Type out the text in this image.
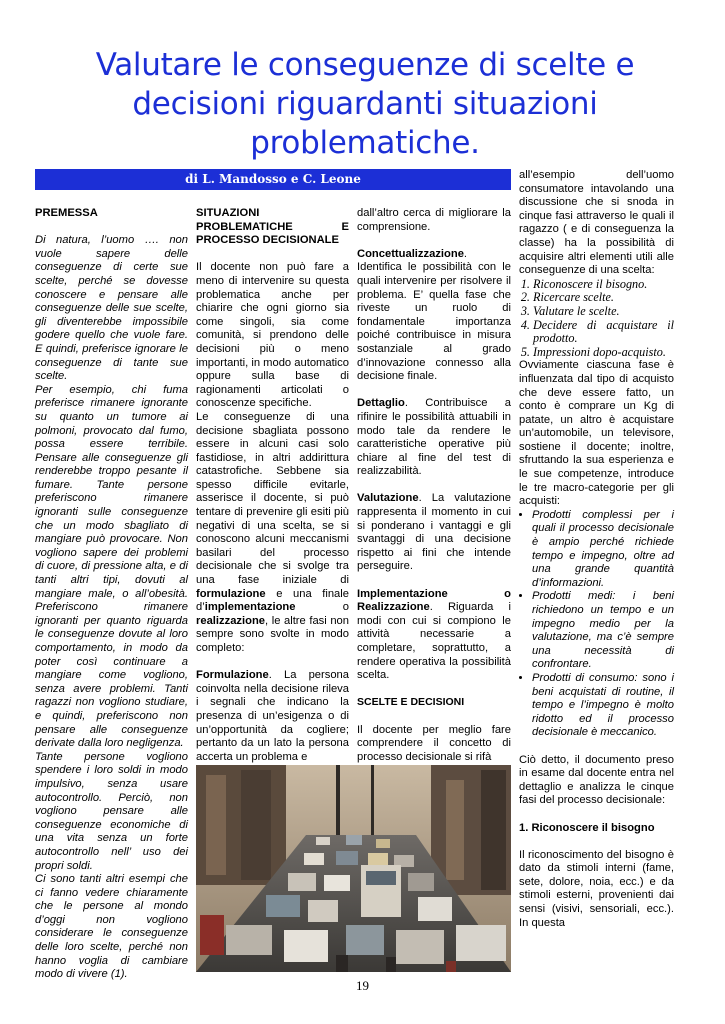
Valutare le conseguenze di scelte e decisioni riguardanti situazioni problematiche.
di L. Mandosso e C. Leone

PREMESSA

Di natura, l’uomo …. non vuole sapere delle conseguenze di certe sue scelte, perché se dovesse conoscere e pensare alle conseguenze delle sue scelte, gli diventerebbe impossibile godere quello che vuole fare. E quindi, preferisce ignorare le conseguenze di tante sue scelte.

Per esempio, chi fuma preferisce rimanere ignorante su quanto un tumore ai polmoni, provocato dal fumo, possa essere terribile. Pensare alle conseguenze gli renderebbe troppo pesante il fumare. Tante persone preferiscono rimanere ignoranti sulle conseguenze che un modo sbagliato di mangiare può provocare. Non vogliono sapere dei problemi di cuore, di pressione alta, e di tanti altri tipi, dovuti al mangiare male, o all’obesità. Preferiscono rimanere ignoranti per quanto riguarda le conseguenze dovute al loro comportamento, in modo da poter così continuare a mangiare come vogliono, senza avere problemi. Tanti ragazzi non vogliono studiare, e quindi, preferiscono non pensare alle conseguenze derivate dalla loro negligenza.

Tante persone vogliono spendere i loro soldi in modo impulsivo, senza usare autocontrollo. Perciò, non vogliono pensare alle conseguenze economiche di una vita senza un forte autocontrollo nell’ uso dei propri soldi.

Ci sono tanti altri esempi che ci fanno vedere chiaramente che le persone al mondo d’oggi non vogliono considerare le conseguenze delle loro scelte, perché non hanno voglia di cambiare modo di vivere (1).

SITUAZIONI PROBLEMATICHE E PROCESSO DECISIONALE

Il docente non può fare a meno di intervenire su questa problematica anche per chiarire che ogni giorno sia come singoli, sia come comunità, si prendono delle decisioni più o meno importanti, in modo automatico oppure sulla base di ragionamenti articolati o conoscenze specifiche.

Le conseguenze di una decisione sbagliata possono essere in alcuni casi solo fastidiose, in altri addirittura catastrofiche. Sebbene sia spesso difficile evitarle, asserisce il docente, si può tentare di prevenire gli esiti più negativi di una scelta, se si conoscono alcuni meccanismi basilari del processo decisionale che si svolge tra una fase iniziale di formulazione e una finale d’implementazione o realizzazione, le altre fasi non sempre sono svolte in modo completo:

Formulazione. La persona coinvolta nella decisione rileva i segnali che indicano la presenza di un’esigenza o di un’opportunità da cogliere; pertanto da un lato la persona accerta un problema e

dall’altro cerca di migliorare la comprensione.

Concettualizzazione. Identifica le possibilità con le quali intervenire per risolvere il problema. E’ quella fase che riveste un ruolo di fondamentale importanza poiché contribuisce in misura sostanziale al grado d’innovazione connesso alla decisione finale.

Dettaglio. Contribuisce a rifinire le possibilità attuabili in modo tale da rendere le caratteristiche operative più chiare al fine del test di realizzabilità.

Valutazione. La valutazione rappresenta il momento in cui si ponderano i vantaggi e gli svantaggi di una decisione rispetto ai fini che intende perseguire.

Implementazione o Realizzazione. Riguarda i modi con cui si compiono le attività necessarie a completare, soprattutto, a rendere operativa la possibilità scelta.

SCELTE E DECISIONI

Il docente per meglio fare comprendere il concetto di processo decisionale si rifà

all’esempio dell’uomo consumatore intavolando una discussione che si snoda in cinque fasi attraverso le quali il ragazzo ( e di conseguenza la classe) ha la possibilità di acquisire altri elementi utili alle conseguenze di una scelta:

1. Riconoscere il bisogno.
2. Ricercare scelte.
3. Valutare le scelte.
4. Decidere di acquistare il prodotto.
5. Impressioni dopo-acquisto.

Ovviamente ciascuna fase è influenzata dal tipo di acquisto che deve essere fatto, un conto è comprare un Kg di patate, un altro è acquistare un’automobile, un televisore, sostiene il docente; inoltre, sfruttando la sua esperienza e le sue competenze, introduce le tre macro-categorie per gli acquisti:

• Prodotti complessi per i quali il processo decisionale è ampio perché richiede tempo e impegno, oltre ad una grande quantità d’informazioni.
• Prodotti medi: i beni richiedono un tempo e un impegno medio per la valutazione, ma c’è sempre una necessità di confrontare.
• Prodotti di consumo: sono i beni acquistati di routine, il tempo e l’impegno è molto ridotto ed il processo decisionale è meccanico.

Ciò detto, il documento preso in esame dal docente entra nel dettaglio e analizza le cinque fasi del processo decisionale:

1. Riconoscere il bisogno

Il riconoscimento del bisogno è dato da stimoli interni (fame, sete, dolore, noia, ecc.) e da stimoli esterni, provenienti dai sensi (visivi, sensoriali, ecc.). In questa

19
